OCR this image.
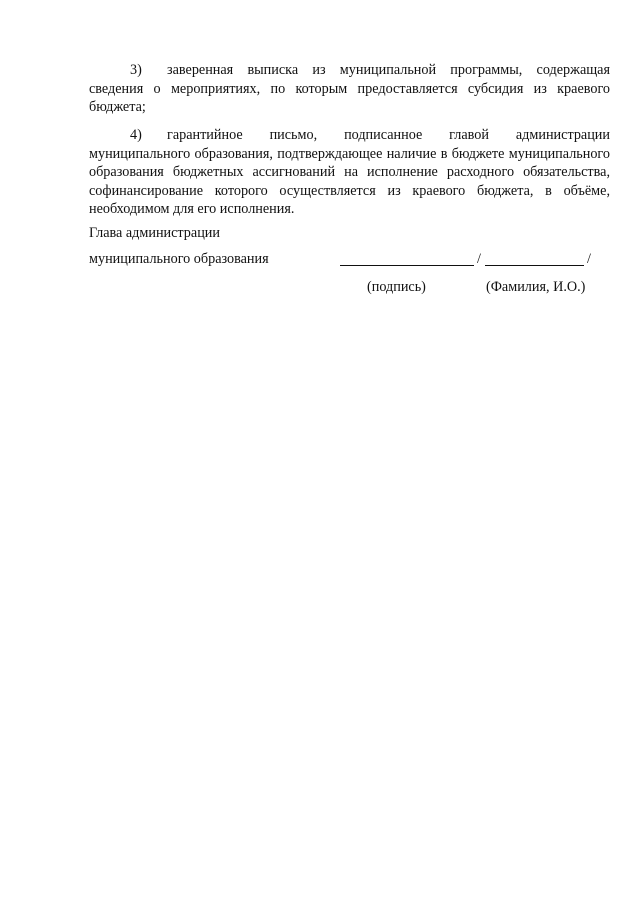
3) заверенная выписка из муниципальной программы, содержащая сведения о мероприятиях, по которым предоставляется субсидия из краевого бюджета;

4) гарантийное письмо, подписанное главой администрации муниципального образования, подтверждающее наличие в бюджете муниципального образования бюджетных ассигнований на исполнение расходного обязательства, софинансирование которого осуществляется из краевого бюджета, в объёме, необходимом для его исполнения.

Глава администрации
муниципального образования	/	/
(подпись)	(Фамилия, И.О.)
